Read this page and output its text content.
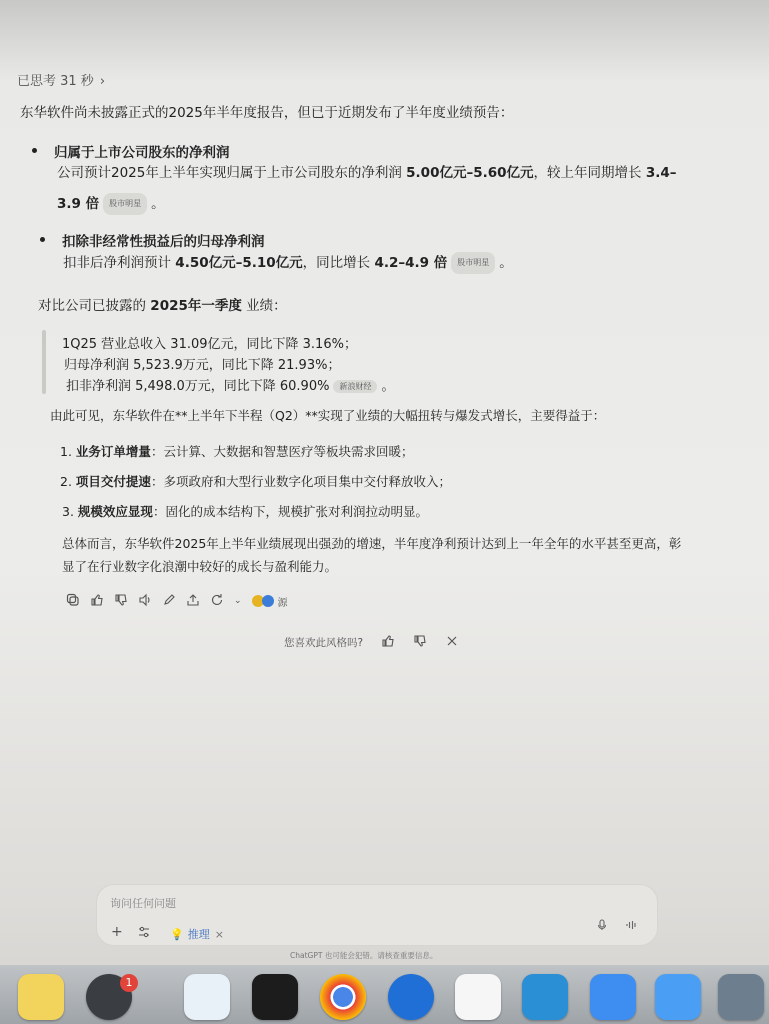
已思考 31 秒 ›
东华软件尚未披露正式的2025年半年度报告，但已于近期发布了半年度业绩预告：
归属于上市公司股东的净利润
公司预计2025年上半年实现归属于上市公司股东的净利润 5.00亿元–5.60亿元，较上年同期增长 3.4–
3.9 倍 股市明星 。
扣除非经常性损益后的归母净利润
扣非后净利润预计 4.50亿元–5.10亿元，同比增长 4.2–4.9 倍 股市明星 。
对比公司已披露的 2025年一季度 业绩：
1Q25 营业总收入 31.09亿元，同比下降 3.16%；
归母净利润 5,523.9万元，同比下降 21.93%；
扣非净利润 5,498.0万元，同比下降 60.90% 新浪财经 。
由此可见，东华软件在**上半年下半程（Q2）**实现了业绩的大幅扭转与爆发式增长，主要得益于：
1. 业务订单增量：云计算、大数据和智慧医疗等板块需求回暖；
2. 项目交付提速：多项政府和大型行业数字化项目集中交付释放收入；
3. 规模效应显现：固化的成本结构下，规模扩张对利润拉动明显。
总体而言，东华软件2025年上半年业绩展现出强劲的增速，半年度净利预计达到上一年全年的水平甚至更高，彰显了在行业数字化浪潮中较好的成长与盈利能力。
⌄	源
您喜欢此风格吗?
询问任何问题
+	💡 推理 ×
ChatGPT 也可能会犯错。请核查重要信息。
1
